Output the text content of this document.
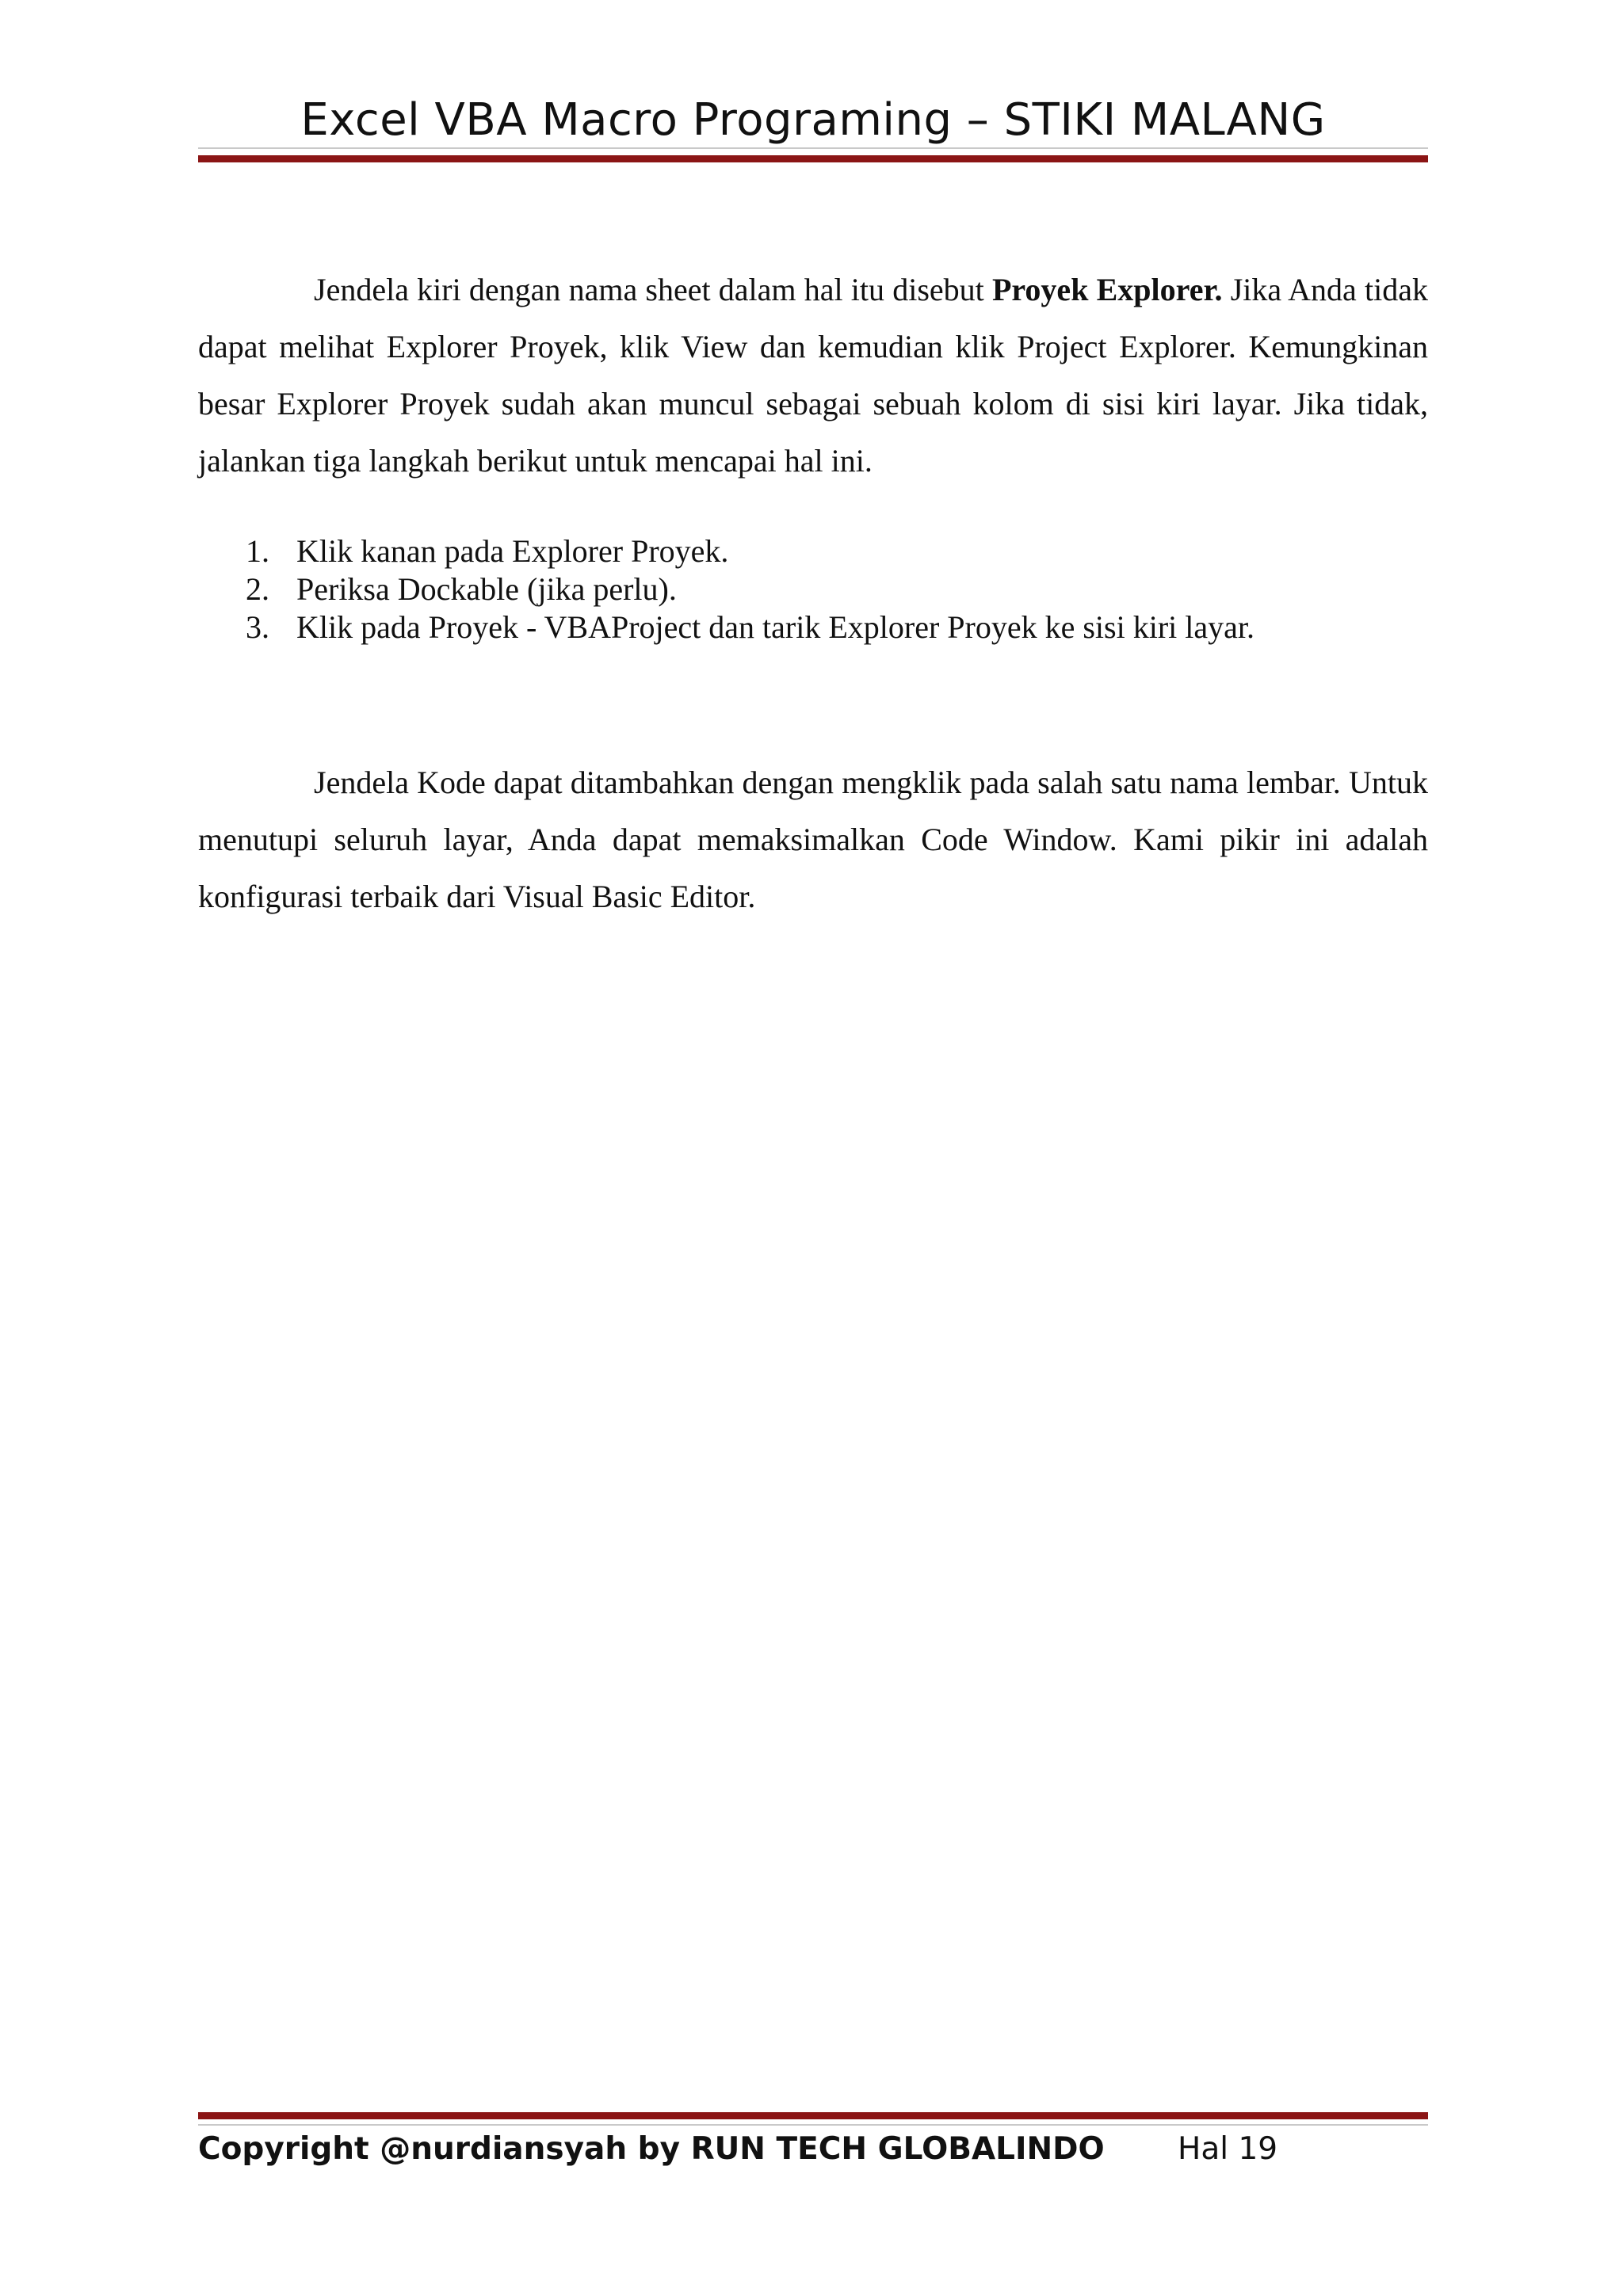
Excel VBA Macro Programing – STIKI MALANG

Jendela kiri dengan nama sheet dalam hal itu disebut Proyek Explorer. Jika Anda tidak dapat melihat Explorer Proyek, klik View dan kemudian klik Project Explorer. Kemungkinan besar Explorer Proyek sudah akan muncul sebagai sebuah kolom di sisi kiri layar. Jika tidak, jalankan tiga langkah berikut untuk mencapai hal ini.

1. Klik kanan pada Explorer Proyek.
2. Periksa Dockable (jika perlu).
3. Klik pada Proyek - VBAProject dan tarik Explorer Proyek ke sisi kiri layar.

Jendela Kode dapat ditambahkan dengan mengklik pada salah satu nama lembar. Untuk menutupi seluruh layar, Anda dapat memaksimalkan Code Window. Kami pikir ini adalah konfigurasi terbaik dari Visual Basic Editor.

Copyright @nurdiansyah by RUN TECH GLOBALINDO Hal 19
